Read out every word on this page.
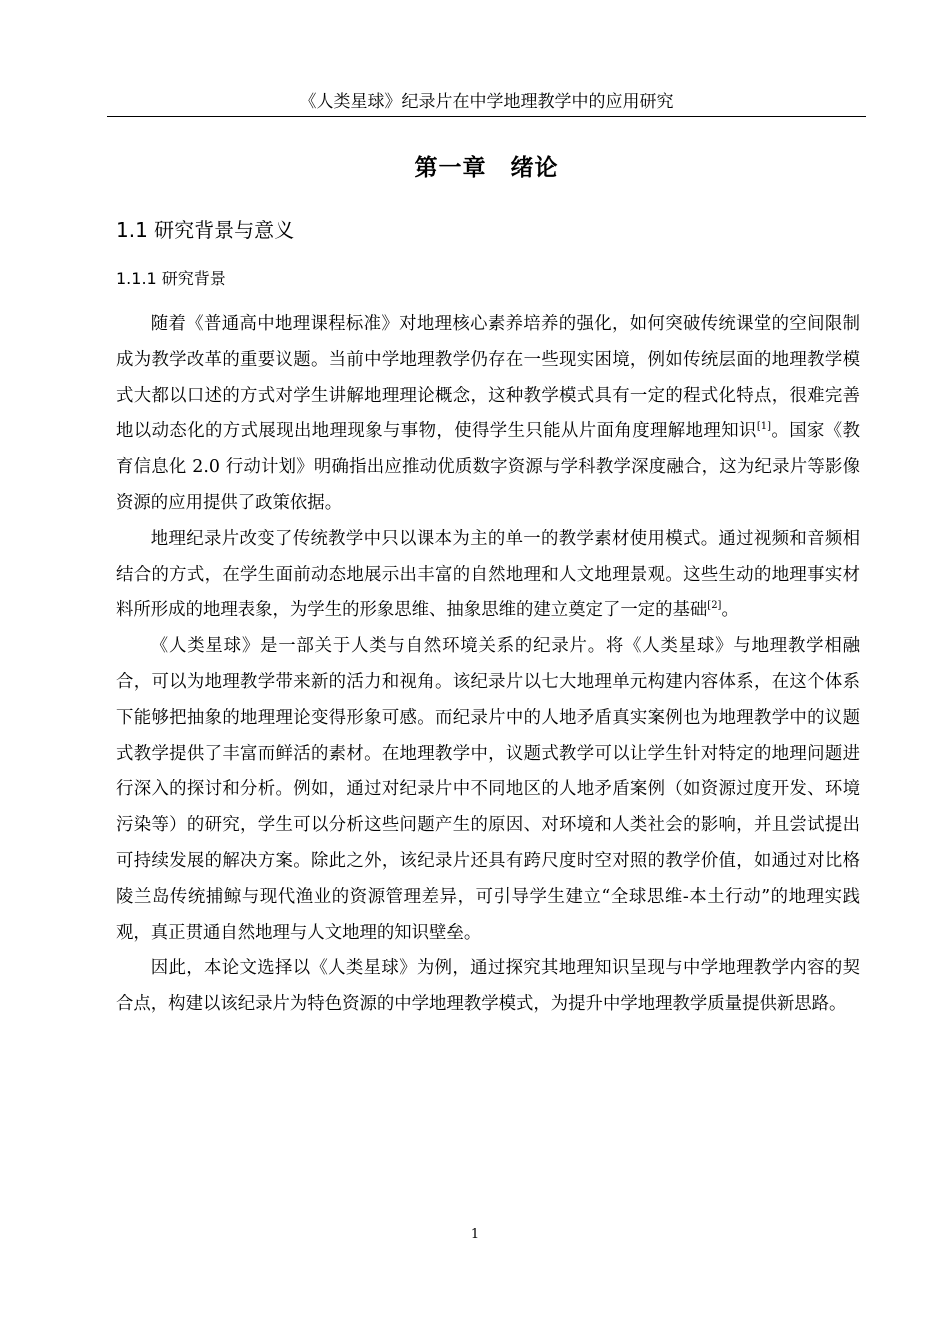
《人类星球》纪录片在中学地理教学中的应用研究
第一章　绪论
1.1 研究背景与意义
1.1.1 研究背景

随着《普通高中地理课程标准》对地理核心素养培养的强化，如何突破传统课堂的空间限制成为教学改革的重要议题。当前中学地理教学仍存在一些现实困境，例如传统层面的地理教学模式大都以口述的方式对学生讲解地理理论概念，这种教学模式具有一定的程式化特点，很难完善地以动态化的方式展现出地理现象与事物，使得学生只能从片面角度理解地理知识[1]。国家《教育信息化 2.0 行动计划》明确指出应推动优质数字资源与学科教学深度融合，这为纪录片等影像资源的应用提供了政策依据。

地理纪录片改变了传统教学中只以课本为主的单一的教学素材使用模式。通过视频和音频相结合的方式，在学生面前动态地展示出丰富的自然地理和人文地理景观。这些生动的地理事实材料所形成的地理表象，为学生的形象思维、抽象思维的建立奠定了一定的基础[2]。

《人类星球》是一部关于人类与自然环境关系的纪录片。将《人类星球》与地理教学相融合，可以为地理教学带来新的活力和视角。该纪录片以七大地理单元构建内容体系，在这个体系下能够把抽象的地理理论变得形象可感。而纪录片中的人地矛盾真实案例也为地理教学中的议题式教学提供了丰富而鲜活的素材。在地理教学中，议题式教学可以让学生针对特定的地理问题进行深入的探讨和分析。例如，通过对纪录片中不同地区的人地矛盾案例（如资源过度开发、环境污染等）的研究，学生可以分析这些问题产生的原因、对环境和人类社会的影响，并且尝试提出可持续发展的解决方案。除此之外，该纪录片还具有跨尺度时空对照的教学价值，如通过对比格陵兰岛传统捕鲸与现代渔业的资源管理差异，可引导学生建立“全球思维-本土行动”的地理实践观，真正贯通自然地理与人文地理的知识壁垒。

因此，本论文选择以《人类星球》为例，通过探究其地理知识呈现与中学地理教学内容的契合点，构建以该纪录片为特色资源的中学地理教学模式，为提升中学地理教学质量提供新思路。

1
